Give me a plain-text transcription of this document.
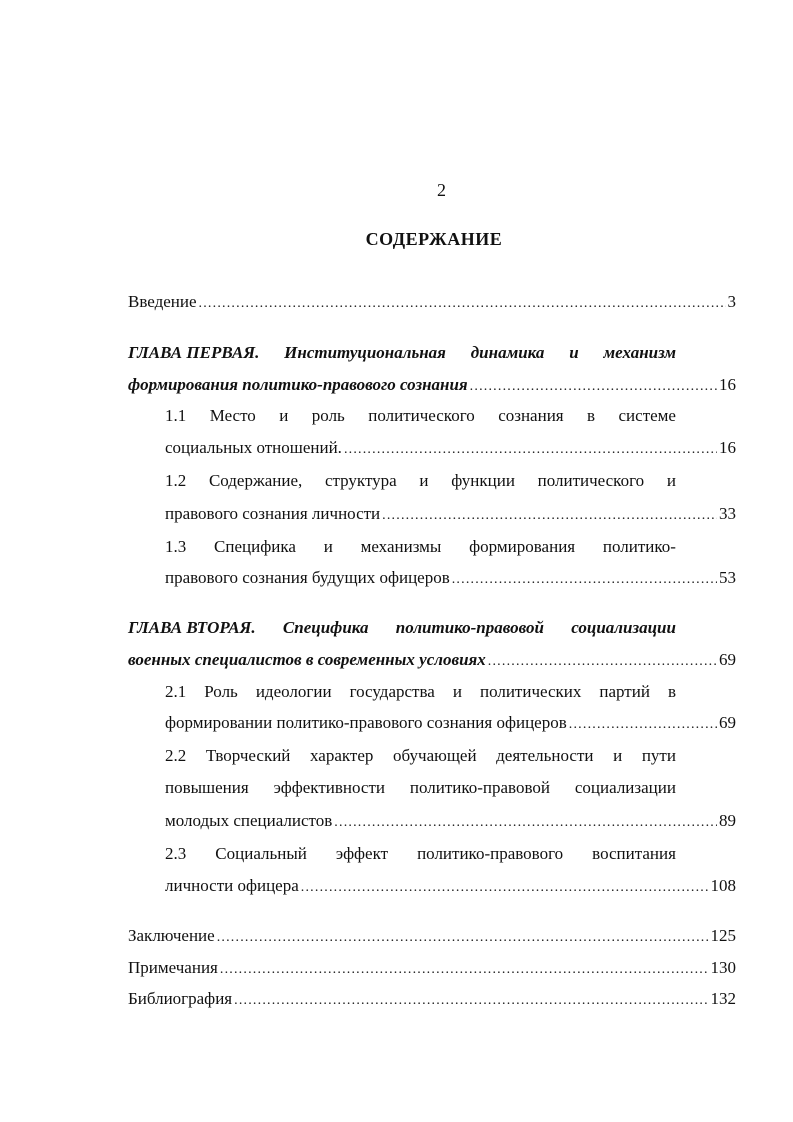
2
СОДЕРЖАНИЕ
Введение .....	3
ГЛАВА ПЕРВАЯ. Институциональная динамика и механизм
формирования политико-правового сознания .....	16
1.1 Место и роль политического сознания в системе
социальных отношений. .....	16
1.2 Содержание, структура и функции политического и
правового сознания личности .....	33
1.3 Специфика и механизмы формирования политико-
правового сознания будущих офицеров .....	53
ГЛАВА ВТОРАЯ. Специфика политико-правовой социализации
военных специалистов в современных условиях .....	69
2.1 Роль идеологии государства и политических партий в
формировании политико-правового сознания офицеров .....	69
2.2 Творческий характер обучающей деятельности и пути
повышения эффективности политико-правовой социализации
молодых специалистов .....	89
2.3 Социальный эффект политико-правового воспитания
личности офицера .....	108
Заключение .....	125
Примечания .....	130
Библиография .....	132
